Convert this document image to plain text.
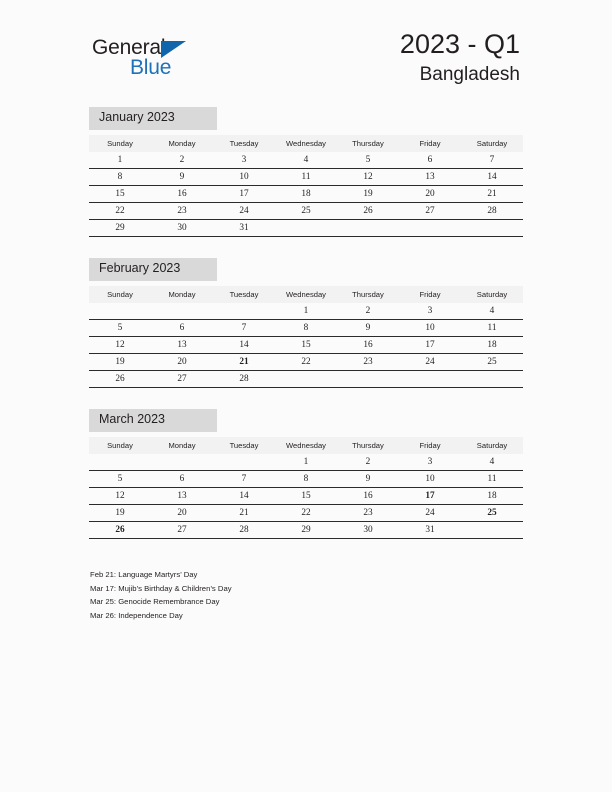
General
Blue
2023 - Q1
Bangladesh
January 2023
Sunday	Monday	Tuesday	Wednesday	Thursday	Friday	Saturday
1	2	3	4	5	6	7
8	9	10	11	12	13	14
15	16	17	18	19	20	21
22	23	24	25	26	27	28
29	30	31				
February 2023
Sunday	Monday	Tuesday	Wednesday	Thursday	Friday	Saturday
			1	2	3	4
5	6	7	8	9	10	11
12	13	14	15	16	17	18
19	20	21	22	23	24	25
26	27	28				
March 2023
Sunday	Monday	Tuesday	Wednesday	Thursday	Friday	Saturday
			1	2	3	4
5	6	7	8	9	10	11
12	13	14	15	16	17	18
19	20	21	22	23	24	25
26	27	28	29	30	31	

Feb 21: Language Martyrs’ Day
Mar 17: Mujib’s Birthday & Children’s Day
Mar 25: Genocide Remembrance Day
Mar 26: Independence Day
